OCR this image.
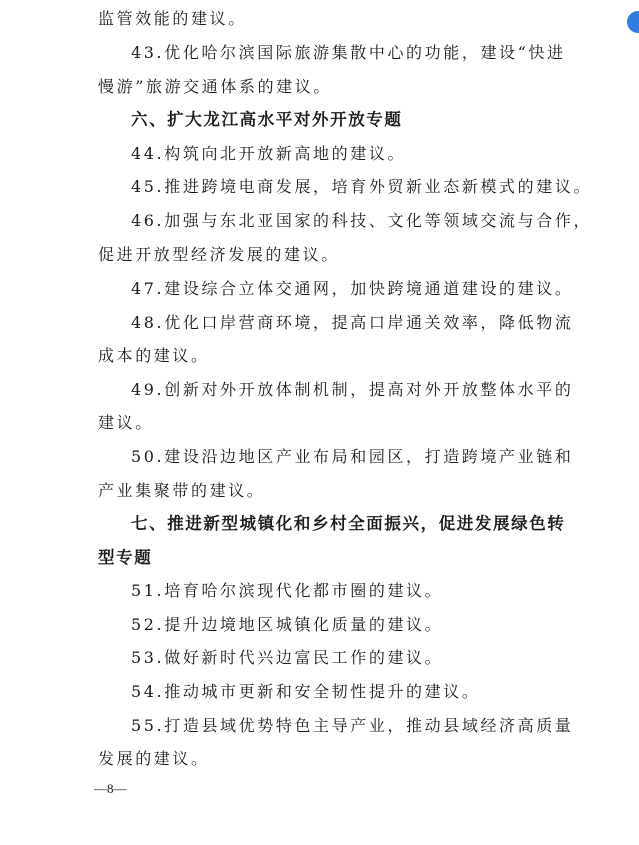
监管效能的建议。
43.优化哈尔滨国际旅游集散中心的功能，建设“快进
慢游”旅游交通体系的建议。
六、扩大龙江高水平对外开放专题
44.构筑向北开放新高地的建议。
45.推进跨境电商发展，培育外贸新业态新模式的建议。
46.加强与东北亚国家的科技、文化等领域交流与合作，
促进开放型经济发展的建议。
47.建设综合立体交通网，加快跨境通道建设的建议。
48.优化口岸营商环境，提高口岸通关效率，降低物流
成本的建议。
49.创新对外开放体制机制，提高对外开放整体水平的
建议。
50.建设沿边地区产业布局和园区，打造跨境产业链和
产业集聚带的建议。
七、推进新型城镇化和乡村全面振兴，促进发展绿色转
型专题
51.培育哈尔滨现代化都市圈的建议。
52.提升边境地区城镇化质量的建议。
53.做好新时代兴边富民工作的建议。
54.推动城市更新和安全韧性提升的建议。
55.打造县域优势特色主导产业，推动县域经济高质量
发展的建议。
—8—
